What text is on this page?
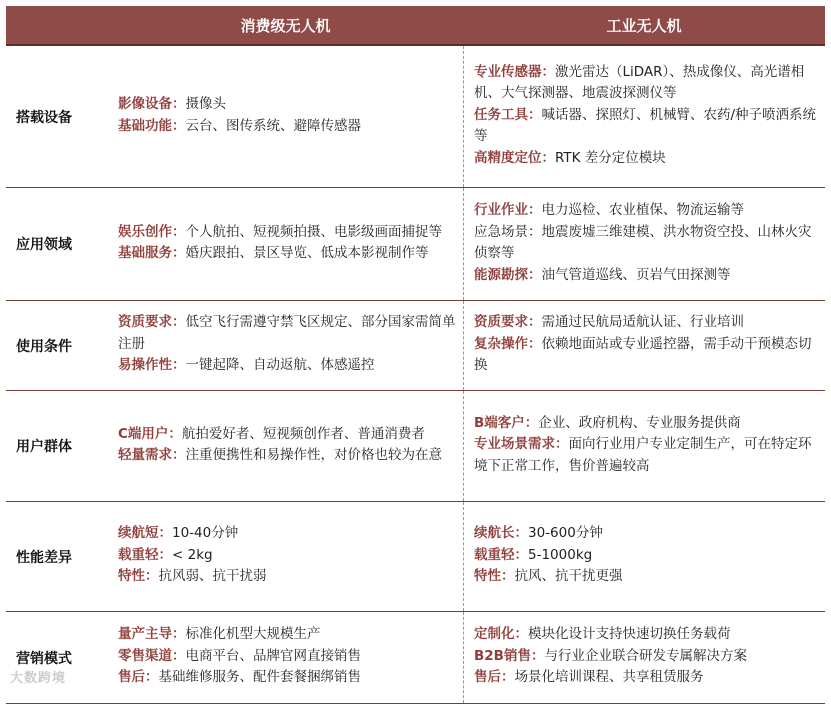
消费级无人机	工业无人机
搭载设备
影像设备：摄像头
基础功能：云台、图传系统、避障传感器
专业传感器：激光雷达（LiDAR）、热成像仪、高光谱相机、大气探测器、地震波探测仪等
任务工具：喊话器、探照灯、机械臂、农药/种子喷洒系统等
高精度定位：RTK 差分定位模块
应用领域
娱乐创作：个人航拍、短视频拍摄、电影级画面捕捉等
基础服务：婚庆跟拍、景区导览、低成本影视制作等
行业作业：电力巡检、农业植保、物流运输等
应急场景：地震废墟三维建模、洪水物资空投、山林火灾侦察等
能源勘探：油气管道巡线、页岩气田探测等
使用条件
资质要求：低空飞行需遵守禁飞区规定、部分国家需简单注册
易操作性：一键起降、自动返航、体感遥控
资质要求：需通过民航局适航认证、行业培训
复杂操作：依赖地面站或专业遥控器，需手动干预模态切换
用户群体
C端用户：航拍爱好者、短视频创作者、普通消费者
轻量需求：注重便携性和易操作性，对价格也较为在意
B端客户：企业、政府机构、专业服务提供商
专业场景需求：面向行业用户专业定制生产，可在特定环境下正常工作，售价普遍较高
性能差异
续航短：10-40分钟
载重轻：< 2kg
特性：抗风弱、抗干扰弱
续航长：30-600分钟
载重轻：5-1000kg
特性：抗风、抗干扰更强
营销模式
量产主导：标准化机型大规模生产
零售渠道：电商平台、品牌官网直接销售
售后：基础维修服务、配件套餐捆绑销售
定制化：模块化设计支持快速切换任务载荷
B2B销售：与行业企业联合研发专属解决方案
售后：场景化培训课程、共享租赁服务
大数跨境
